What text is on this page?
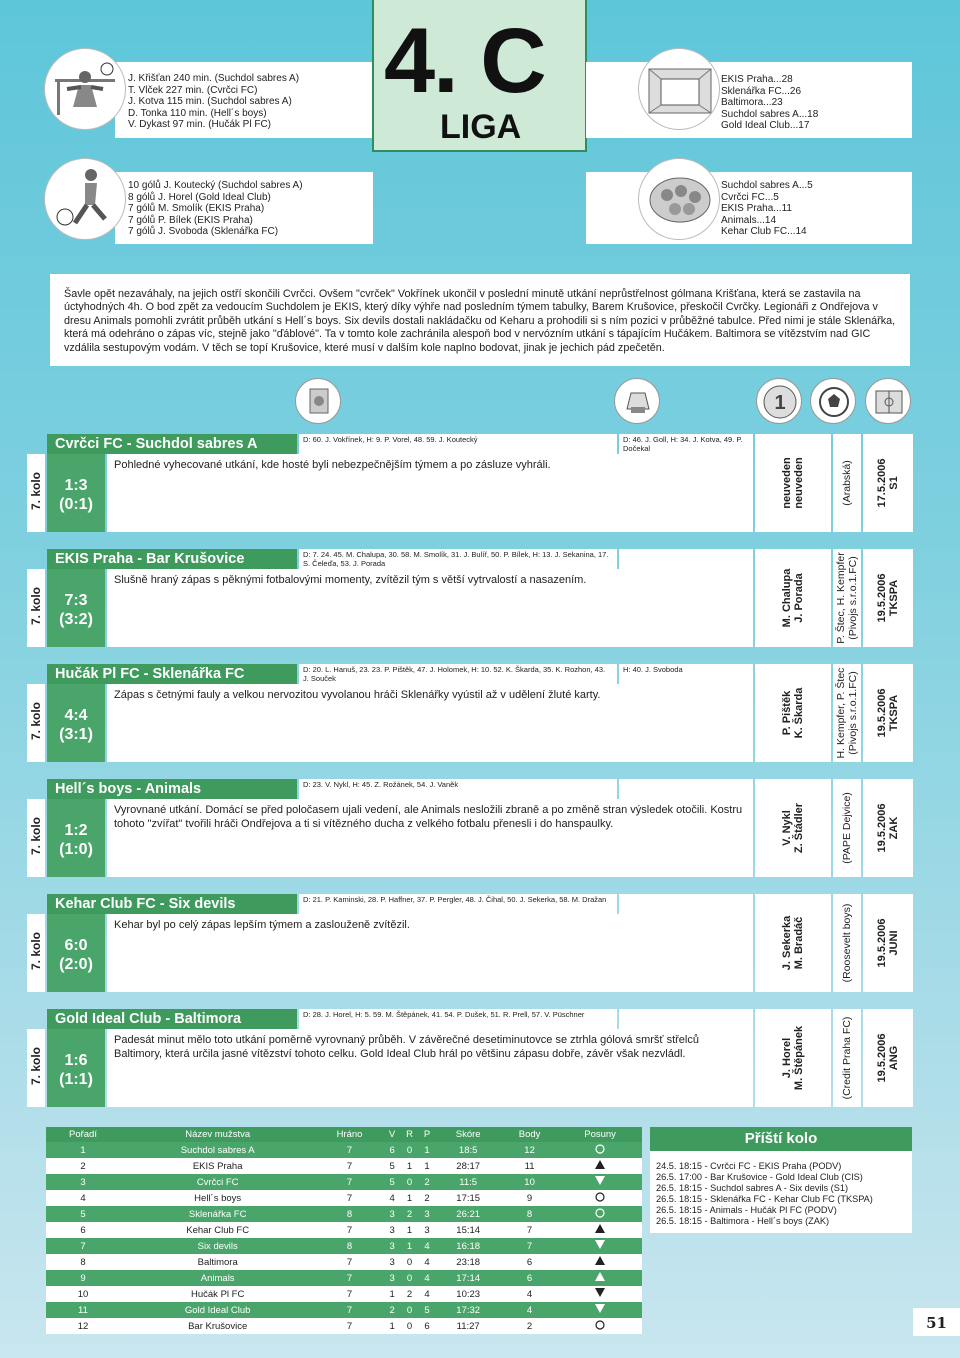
J. Křišťan 240 min. (Suchdol sabres A)
T. Vlček 227 min. (Cvrčci FC)
J. Kotva 115 min. (Suchdol sabres A)
D. Tonka 110 min. (Hell´s boys)
V. Dykast 97 min. (Hučák Pl FC)
4. C
LIGA
EKIS Praha...28
Sklenářka FC...26
Baltimora...23
Suchdol sabres A...18
Gold Ideal Club...17
10 gólů J. Koutecký (Suchdol sabres A)
8 gólů J. Horel (Gold Ideal Club)
7 gólů M. Smolík (EKIS Praha)
7 gólů P. Bílek (EKIS Praha)
7 gólů J. Svoboda (Sklenářka FC)
Suchdol sabres A...5
Cvrčci FC...5
EKIS Praha...11
Animals...14
Kehar Club FC...14
Šavle opět nezaváhaly, na jejich ostří skončili Cvrčci. Ovšem "cvrček" Vokřínek ukončil v poslední minutě utkání neprůstřelnost gólmana Krišťana, která se zastavila na úctyhodných 4h. O bod zpět za vedoucím Suchdolem je EKIS, který díky výhře nad posledním týmem tabulky, Barem Krušovice, přeskočil Cvrčky. Legionáři z Ondřejova v dresu Animals pomohli zvrátit průběh utkání s Hell´s boys. Six devils dostali nakládačku od Keharu a prohodili si s ním pozici v průběžné tabulce. Před nimi je stále Sklenářka, která má odehráno o zápas víc, stejně jako "ďáblové". Ta v tomto kole zachránila alespoň bod v nervózním utkání s tápajícím Hučákem. Baltimora se vítězstvím nad GIC vzdálila sestupovým vodám. V těch se topí Krušovice, které musí v dalším kole naplno bodovat, jinak je jechich pád zpečetěn.
1
7. kolo
Cvrčci FC - Suchdol sabres A
1:3
(0:1)
D: 60. J. Vokřínek, H: 9. P. Vorel, 48. 59. J. Koutecký	D: 46. J. Goll, H: 34. J. Kotva, 49. P. Dočekal
Pohledné vyhecované utkání, kde hosté byli nebezpečnějším týmem a po zásluze vyhráli.	neuveden neuveden	(Arabská) 17.5.2006 S1
7. kolo
EKIS Praha - Bar Krušovice
7:3
(3:2)
D: 7. 24. 45. M. Chalupa, 30. 58. M. Smolík, 31. J. Bulíř, 50. P. Bílek, H: 13. J. Sekanina, 17. S. Čeleďa, 53. J. Porada
Slušně hraný zápas s pěknými fotbalovými momenty, zvítězil tým s větší vytrvalostí a nasazením.	M. Chalupa J. Porada	P. Štec, H. Kempfer (Pivojs s.r.o.1.FC) 19.5.2006 TKSPA
7. kolo
Hučák Pl FC - Sklenářka FC
4:4
(3:1)
D: 20. L. Hanuš, 23. 23. P. Pištěk, 47. J. Holomek, H: 10. 52. K. Škarda, 35. K. Rozhon, 43. J. Souček
H: 40. J. Svoboda
Zápas s četnými fauly a velkou nervozitou vyvolanou hráči Sklenářky vyústil až v udělení žluté karty.	P. Pištěk K. Škarda	H. Kempfer, P. Štec (Pivojs s.r.o.1.FC) 19.5.2006 TKSPA
7. kolo
Hell´s boys - Animals
1:2
(1:0)
D: 23. V. Nykl, H: 45. Z. Rožánek, 54. J. Vaněk
Vyrovnané utkání. Domácí se před poločasem ujali vedení, ale Animals nesložili zbraně a po změně stran výsledek otočili. Kostru tohoto "zvířat" tvořili hráči Ondřejova a ti si vítězného ducha z velkého fotbalu přenesli i do hanspaulky.	V. Nykl Z. Štádler	(PAPE Dejvice) 19.5.2006 ZAK
7. kolo
Kehar Club FC - Six devils
6:0
(2:0)
D: 21. P. Kaminski, 28. P. Haffner, 37. P. Pergler, 48. J. Čihal, 50. J. Sekerka, 58. M. Dražan
Kehar byl po celý zápas lepším týmem a zaslouženě zvítězil.	J. Sekerka M. Bradáč	(Roosevelt boys) 19.5.2006 JUNI
7. kolo
Gold Ideal Club - Baltimora
1:6
(1:1)
D: 28. J. Horel, H: 5. 59. M. Štěpánek, 41. 54. P. Dušek, 51. R. Prell, 57. V. Püschner
Padesát minut mělo toto utkání poměrně vyrovnaný průběh. V závěrečné desetiminutovce se ztrhla gólová smršť střelců Baltimory, která určila jasné vítězství tohoto celku. Gold Ideal Club hrál po většinu zápasu dobře, závěr však nezvládl.	J. Horel M. Štěpánek	(Credit Praha FC) 19.5.2006 ANG
Pořadí	Název mužstva	Hráno	V	R	P	Skóre	Body	Posuny
1	Suchdol sabres A	7	6	0	1	18:5	12	
2	EKIS Praha	7	5	1	1	28:17	11	
3	Cvrčci FC	7	5	0	2	11:5	10	
4	Hell´s boys	7	4	1	2	17:15	9	
5	Sklenářka FC	8	3	2	3	26:21	8	
6	Kehar Club FC	7	3	1	3	15:14	7	
7	Six devils	8	3	1	4	16:18	7	
8	Baltimora	7	3	0	4	23:18	6	
9	Animals	7	3	0	4	17:14	6	
10	Hučák Pl FC	7	1	2	4	10:23	4	
11	Gold Ideal Club	7	2	0	5	17:32	4	
12	Bar Krušovice	7	1	0	6	11:27	2	
Příští kolo
24.5. 18:15 - Cvrčci FC - EKIS Praha (PODV)
26.5. 17:00 - Bar Krušovice - Gold Ideal Club (CIS)
26.5. 18:15 - Suchdol sabres A - Six devils (S1)
26.5. 18:15 - Sklenářka FC - Kehar Club FC (TKSPA)
26.5. 18:15 - Animals - Hučák Pl FC (PODV)
26.5. 18:15 - Baltimora - Hell´s boys (ZAK)
51
